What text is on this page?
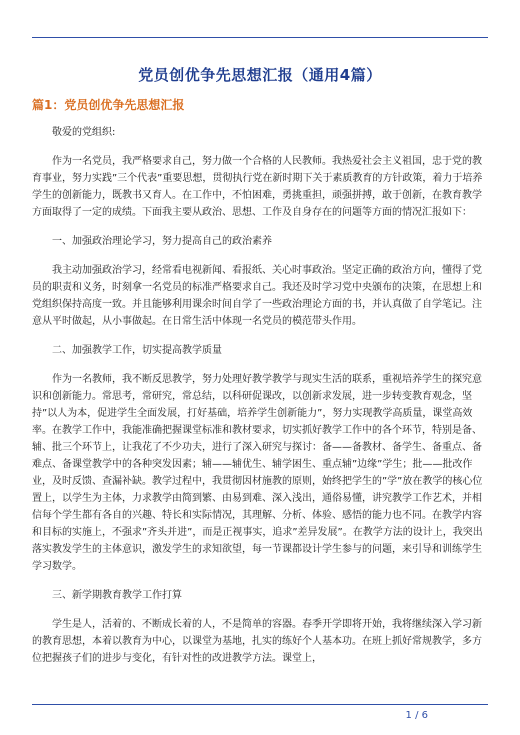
党员创优争先思想汇报（通用4篇）
篇1：党员创优争先思想汇报

敬爱的党组织:

作为一名党员，我严格要求自己，努力做一个合格的人民教师。我热爱社会主义祖国，忠于党的教育事业，努力实践”三个代表”重要思想，贯彻执行党在新时期下关于素质教育的方针政策，着力于培养学生的创新能力，既教书又育人。在工作中，不怕困难，勇挑重担，顽强拼搏，敢于创新，在教育教学方面取得了一定的成绩。下面我主要从政治、思想、工作及自身存在的问题等方面的情况汇报如下：

一、加强政治理论学习，努力提高自己的政治素养

我主动加强政治学习，经常看电视新闻、看报纸、关心时事政治。坚定正确的政治方向，懂得了党员的职责和义务，时刻拿一名党员的标准严格要求自己。我还及时学习党中央颁布的决策，在思想上和党组织保持高度一致。并且能够利用课余时间自学了一些政治理论方面的书，并认真做了自学笔记。注意从平时做起，从小事做起。在日常生活中体现一名党员的模范带头作用。

二、加强教学工作，切实提高教学质量

作为一名教师，我不断反思教学，努力处理好教学教学与现实生活的联系，重视培养学生的探究意识和创新能力。常思考，常研究，常总结，以科研促课改，以创新求发展，进一步转变教育观念，坚持”以人为本，促进学生全面发展，打好基础，培养学生创新能力”，努力实现教学高质量，课堂高效率。在教学工作中，我能准确把握课堂标准和教材要求，切实抓好教学工作中的各个环节，特别是备、辅、批三个环节上，让我花了不少功夫，进行了深入研究与探讨：备——备教材、备学生、备重点、备难点、备课堂教学中的各种突发因素；辅——辅优生、辅学困生、重点辅”边缘”学生；批——批改作业，及时反馈、查漏补缺。教学过程中，我贯彻因材施教的原则，始终把学生的”学”放在教学的核心位置上，以学生为主体，力求教学由简到繁、由易到难、深入浅出，通俗易懂，讲究教学工作艺术，并相信每个学生都有各自的兴趣、特长和实际情况，其理解、分析、体验、感悟的能力也不同。在教学内容和目标的实施上，不强求”齐头并进”，而是正视事实，追求”差异发展”。在教学方法的设计上，我突出落实教发学生的主体意识，激发学生的求知欲望，每一节课都设计学生参与的问题，来引导和训练学生学习数学。

三、新学期教育教学工作打算

学生是人，活着的、不断成长着的人，不是简单的容器。春季开学即将开始，我将继续深入学习新的教育思想，本着以教育为中心，以课堂为基地，扎实的练好个人基本功。在班上抓好常规教学，多方位把握孩子们的进步与变化，有针对性的改进教学方法。课堂上，

1 / 6
